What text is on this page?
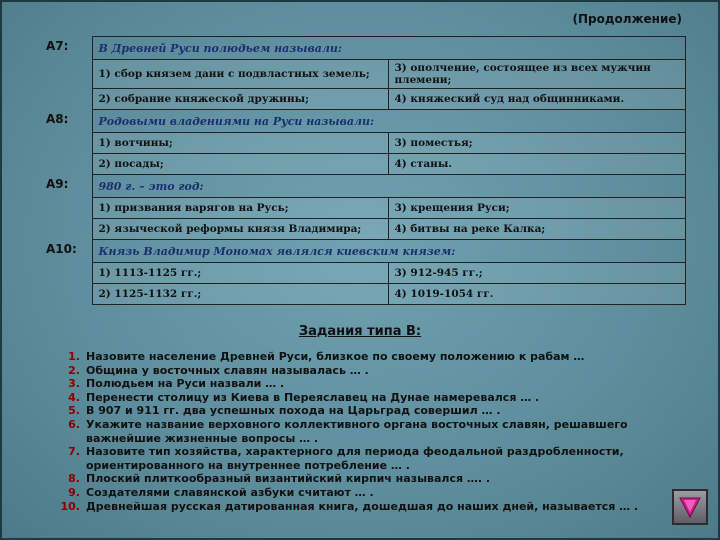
(Продолжение)
А7:	В Древней Руси полюдьем называли:	
	1) сбор князем дани с подвластных земель;	3) ополчение, состоящее из всех мужчин племени;
	2) собрание княжеской дружины;	4) княжеский суд над общинниками.
А8:	Родовыми владениями на Руси называли:	
	1) вотчины;	3) поместья;
	2) посады;	4) станы.
А9:	980 г. – это год:	
	1) призвания варягов на Русь;	3) крещения Руси;
	2) языческой реформы князя Владимира;	4) битвы на реке Калка;
А10:	Князь Владимир Мономах являлся киевским князем:	
	1) 1113-1125 гг.;	3) 912-945 гг.;
	2) 1125-1132 гг.;	4) 1019-1054 гг.
Задания типа В:
1. Назовите население Древней Руси, близкое по своему положению к рабам …
2. Община у восточных славян называлась … .
3. Полюдьем на Руси назвали … .
4. Перенести столицу из Киева в Переяславец на Дунае намеревался … .
5. В 907 и 911 гг. два успешных похода на Царьград совершил … .
6. Укажите название верховного коллективного органа восточных славян, решавшего важнейшие жизненные вопросы … .
7. Назовите тип хозяйства, характерного для периода феодальной раздробленности, ориентированного на внутреннее потребление … .
8. Плоский плиткообразный византийский кирпич назывался …. .
9. Создателями славянской азбуки считают … .
10. Древнейшая русская датированная книга, дошедшая до наших дней, называется … .
